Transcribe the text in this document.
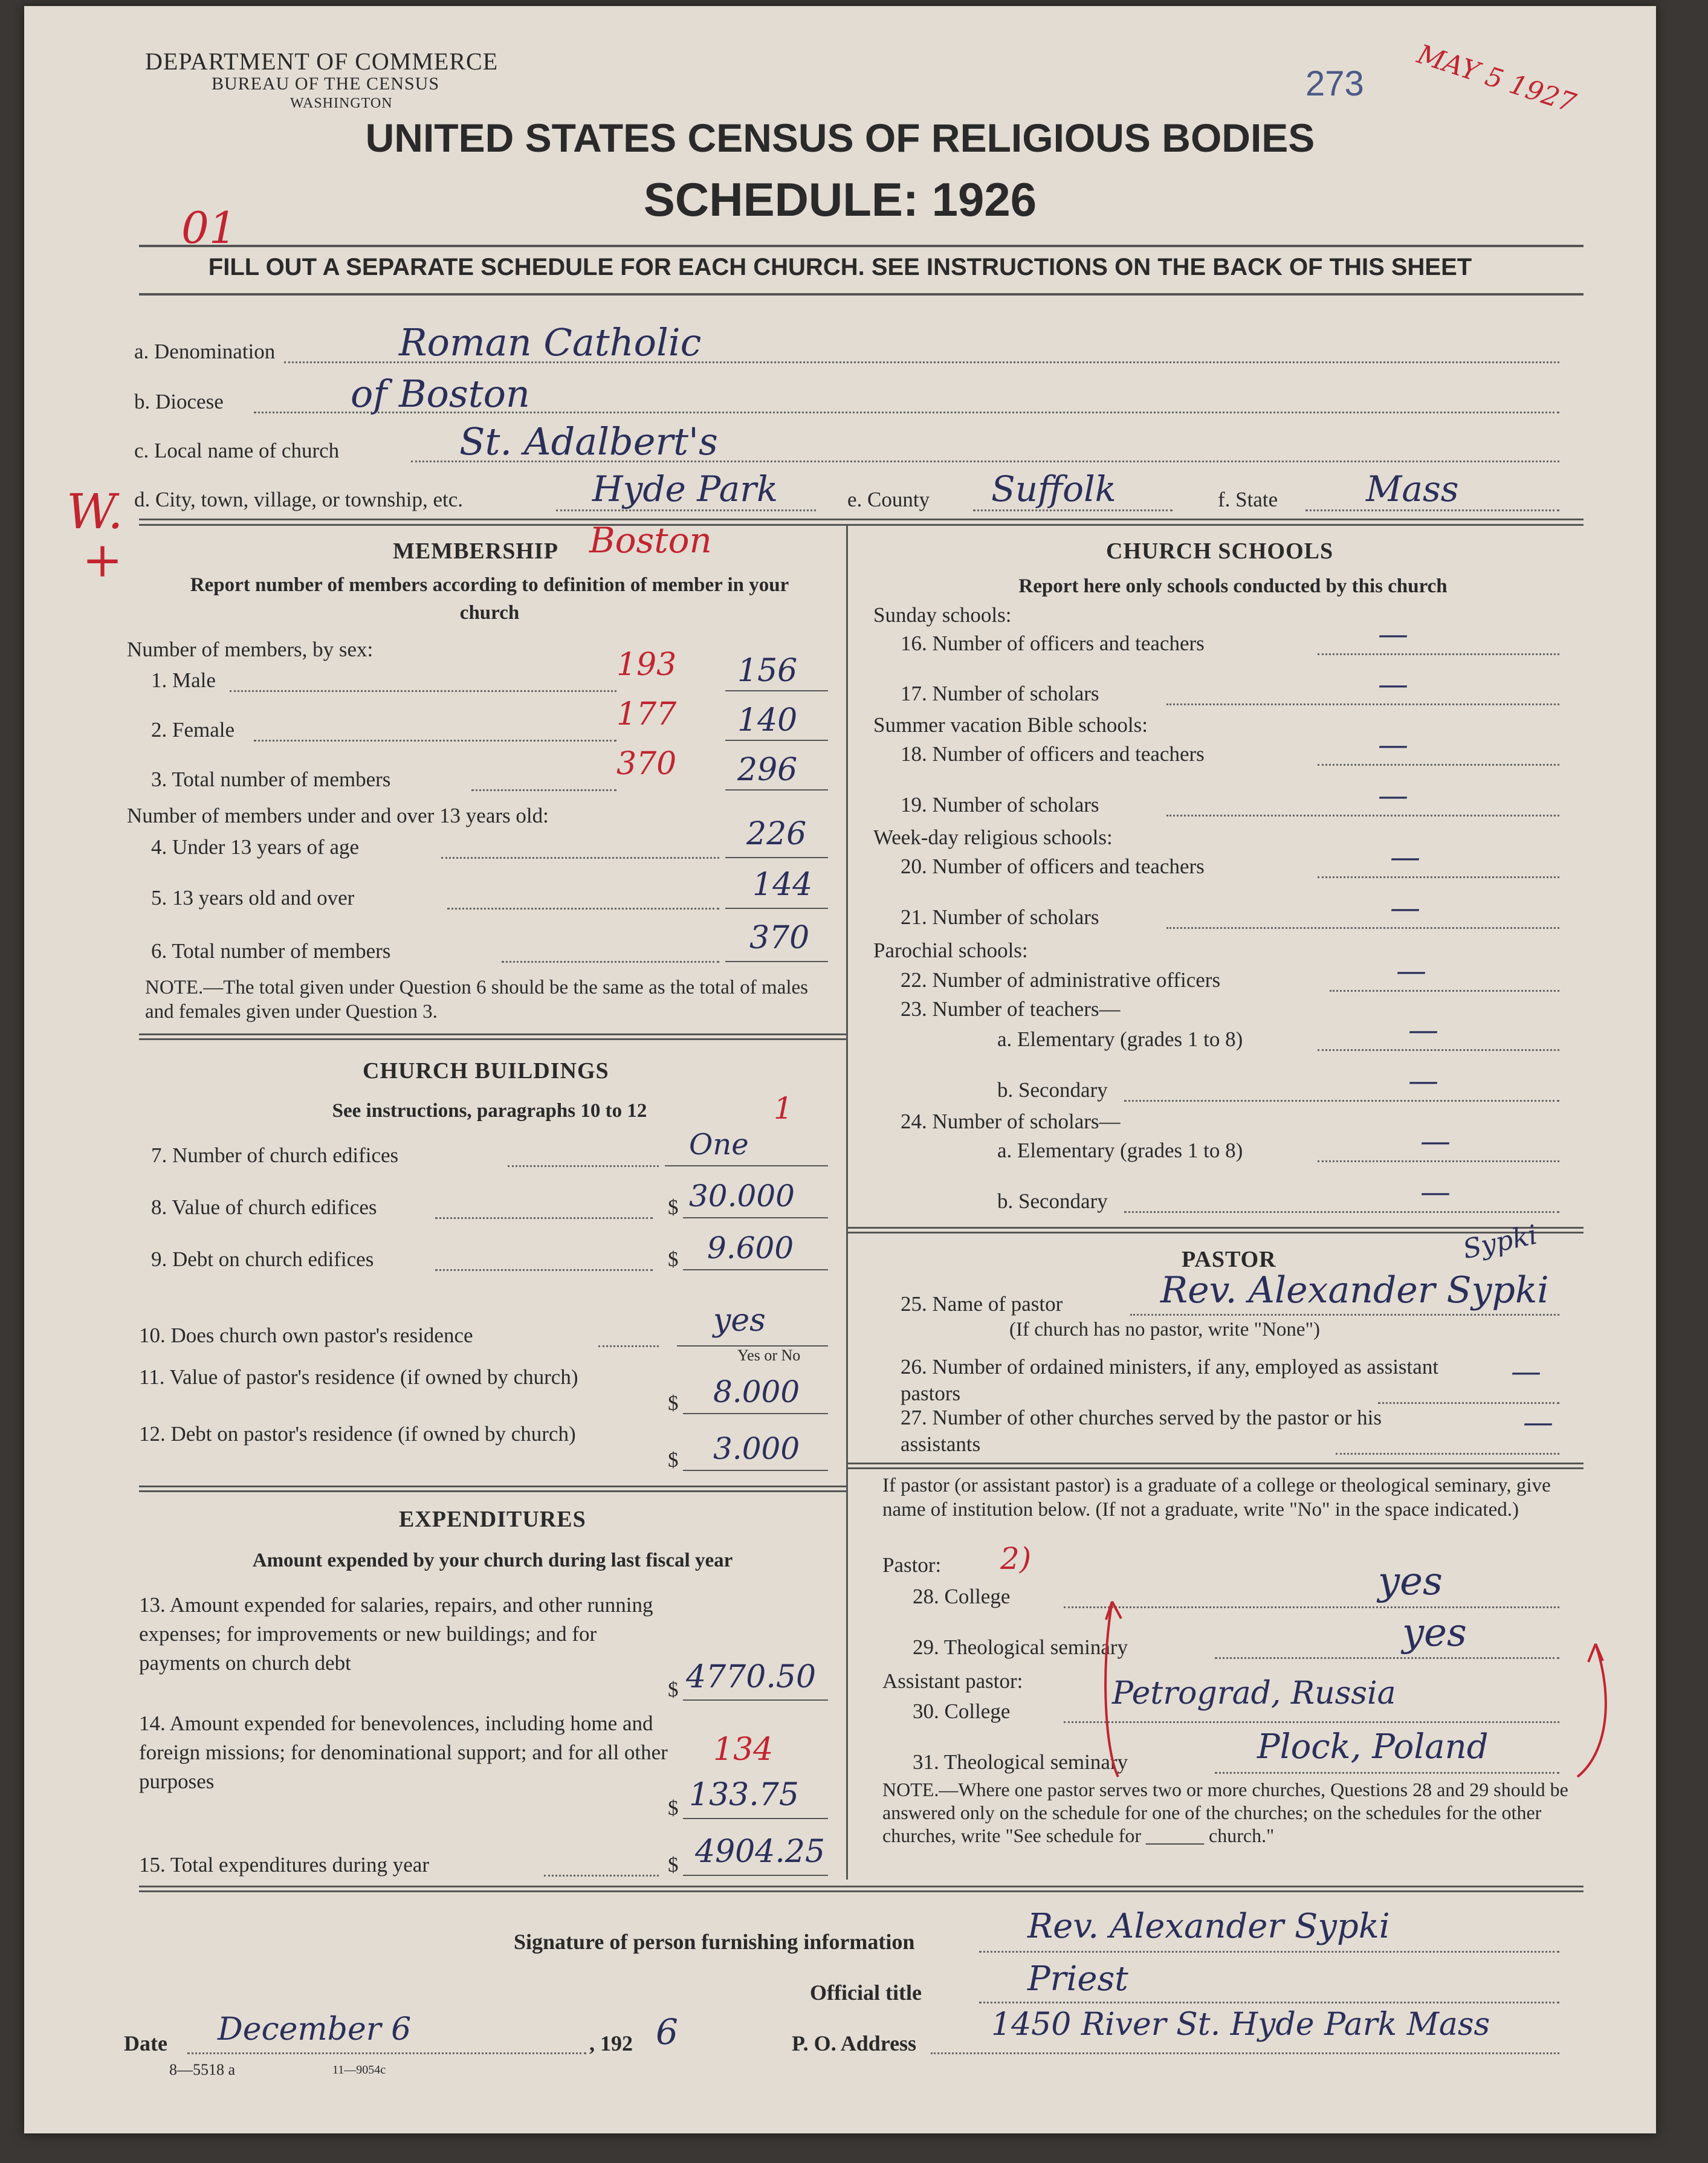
DEPARTMENT OF COMMERCE
BUREAU OF THE CENSUS
WASHINGTON	273 MAY 5 1927
UNITED STATES CENSUS OF RELIGIOUS BODIES
SCHEDULE: 1926
01
FILL OUT A SEPARATE SCHEDULE FOR EACH CHURCH. SEE INSTRUCTIONS ON THE BACK OF THIS SHEET
a. Denomination	Roman Catholic
b. Diocese	of Boston
c. Local name of church	St. Adalbert's
W.
+
d. City, town, village, or township, etc.	Hyde Park	e. County Suffolk	f. State	Mass
MEMBERSHIP Boston
Report number of members according to definition of member in your church
Number of members, by sex:
1. Male	193 156
2. Female	177 140
3. Total number of members	370 296
Number of members under and over 13 years old:
4. Under 13 years of age	226
5. 13 years old and over	144
6. Total number of members	370
NOTE.—The total given under Question 6 should be the same as the total of males and females given under Question 3.
CHURCH BUILDINGS
See instructions, paragraphs 10 to 12	1
7. Number of church edifices	One
8. Value of church edifices	$ 30.000
9. Debt on church edifices	$ 9.600
10. Does church own pastor's residence	yes
Yes or No
11. Value of pastor's residence (if owned by church)
$ 8.000
12. Debt on pastor's residence (if owned by church)
$ 3.000
EXPENDITURES
Amount expended by your church during last fiscal year
13. Amount expended for salaries, repairs, and other running expenses; for improvements or new buildings; and for payments on church debt
$ 4770.50
14. Amount expended for benevolences, including home and foreign missions; for denominational support; and for all other purposes
134
$ 133.75
15. Total expenditures during year	$ 4904.25
CHURCH SCHOOLS
Report here only schools conducted by this church
Sunday schools:
16. Number of officers and teachers	—
17. Number of scholars	—
Summer vacation Bible schools:
18. Number of officers and teachers	—
19. Number of scholars	—
Week-day religious schools:
20. Number of officers and teachers	—
21. Number of scholars	—
Parochial schools:
22. Number of administrative officers	—
23. Number of teachers—
a. Elementary (grades 1 to 8)	—
b. Secondary	—
24. Number of scholars—
a. Elementary (grades 1 to 8)	—
b. Secondary	—
PASTOR	Sypki
25. Name of pastor	Rev. Alexander Sypki
(If church has no pastor, write "None")
26. Number of ordained ministers, if any, employed as assistant pastors
—
27. Number of other churches served by the pastor or his assistants
—
If pastor (or assistant pastor) is a graduate of a college or theological seminary, give name of institution below. (If not a graduate, write "No" in the space indicated.)
Pastor: 2)
28. College	yes
29. Theological seminary	yes
Assistant pastor:
30. College	Petrograd, Russia
31. Theological seminary	Plock, Poland
NOTE.—Where one pastor serves two or more churches, Questions 28 and 29 should be answered only on the schedule for one of the churches; on the schedules for the other churches, write "See schedule for ______ church."
Signature of person furnishing information	Rev. Alexander Sypki
Official title	Priest
Date December 6	, 192 6	P. O. Address
1450 River St. Hyde Park Mass
8—5518 a	11—9054c
